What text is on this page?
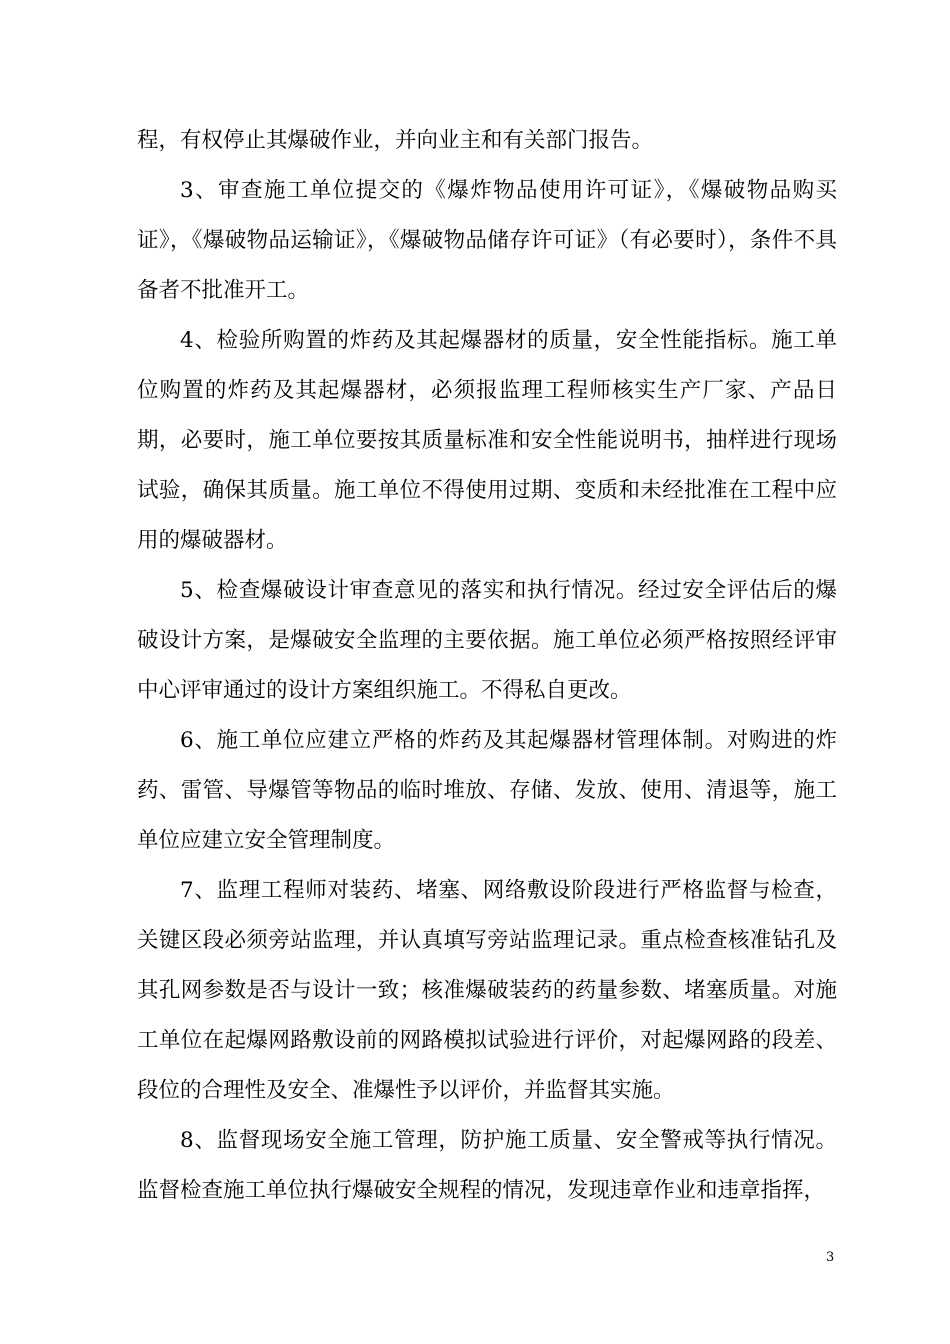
程，有权停止其爆破作业，并向业主和有关部门报告。

3、审查施工单位提交的《爆炸物品使用许可证》，《爆破物品购买证》，《爆破物品运输证》，《爆破物品储存许可证》（有必要时），条件不具备者不批准开工。

4、检验所购置的炸药及其起爆器材的质量，安全性能指标。施工单位购置的炸药及其起爆器材，必须报监理工程师核实生产厂家、产品日期，必要时，施工单位要按其质量标准和安全性能说明书，抽样进行现场试验，确保其质量。施工单位不得使用过期、变质和未经批准在工程中应用的爆破器材。

5、检查爆破设计审查意见的落实和执行情况。经过安全评估后的爆破设计方案，是爆破安全监理的主要依据。施工单位必须严格按照经评审中心评审通过的设计方案组织施工。不得私自更改。

6、施工单位应建立严格的炸药及其起爆器材管理体制。对购进的炸药、雷管、导爆管等物品的临时堆放、存储、发放、使用、清退等，施工单位应建立安全管理制度。

7、监理工程师对装药、堵塞、网络敷设阶段进行严格监督与检查，关键区段必须旁站监理，并认真填写旁站监理记录。重点检查核准钻孔及其孔网参数是否与设计一致；核准爆破装药的药量参数、堵塞质量。对施工单位在起爆网路敷设前的网路模拟试验进行评价，对起爆网路的段差、段位的合理性及安全、准爆性予以评价，并监督其实施。

8、监督现场安全施工管理，防护施工质量、安全警戒等执行情况。监督检查施工单位执行爆破安全规程的情况，发现违章作业和违章指挥，

3
